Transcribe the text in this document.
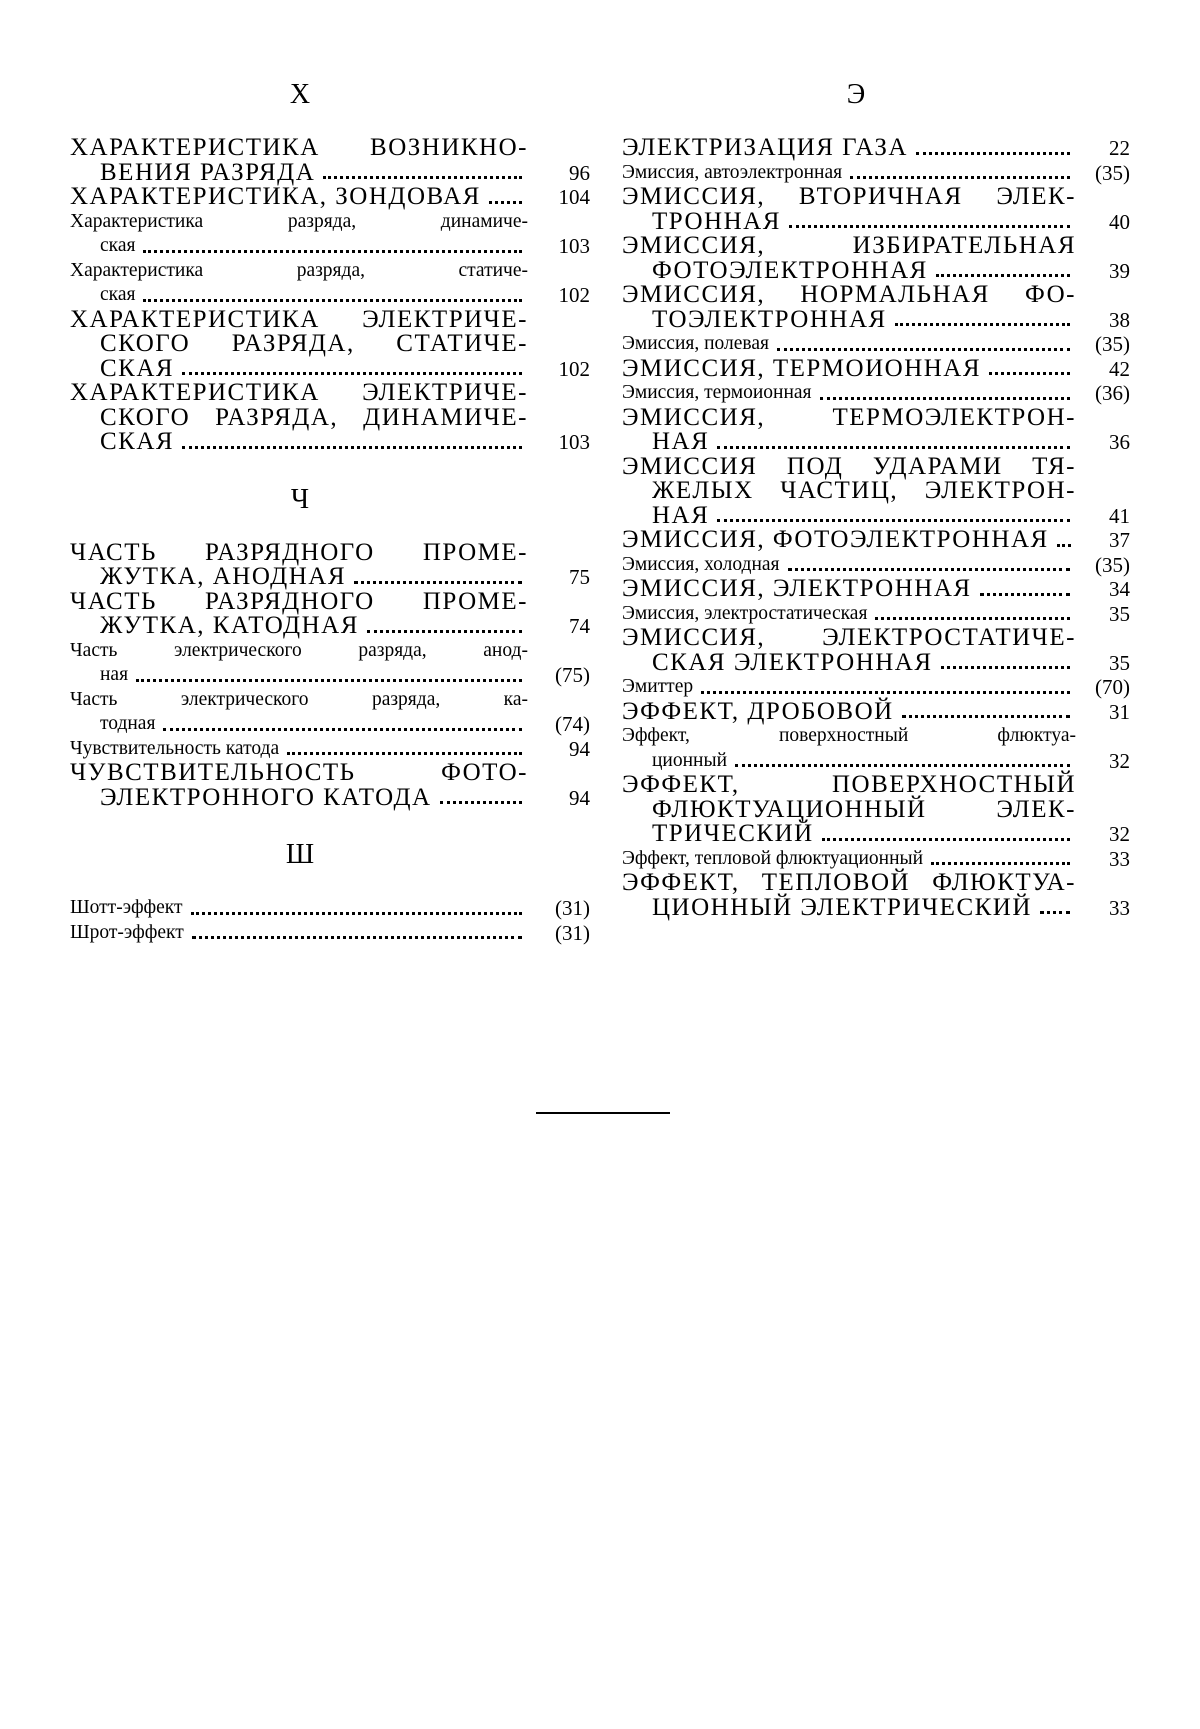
Х
ХАРАКТЕРИСТИКА ВОЗНИКНО-
ВЕНИЯ РАЗРЯДА	96
ХАРАКТЕРИСТИКА, ЗОНДОВАЯ	104
Характеристика	разряда,	динамиче-
ская	103
Характеристика	разряда,	статиче-
ская	102
ХАРАКТЕРИСТИКА ЭЛЕКТРИЧЕ-
СКОГО РАЗРЯДА, СТАТИЧЕ-
СКАЯ	102
ХАРАКТЕРИСТИКА ЭЛЕКТРИЧЕ-
СКОГО РАЗРЯДА, ДИНАМИЧЕ-
СКАЯ	103
Ч
ЧАСТЬ РАЗРЯДНОГО ПРОМЕ-
ЖУТКА, АНОДНАЯ	75
ЧАСТЬ РАЗРЯДНОГО ПРОМЕ-
ЖУТКА, КАТОДНАЯ	74
Часть	электрического	разряда,	анод-
ная	(75)
Часть	электрического	разряда,	ка-
тодная	(74)
Чувствительность катода	94
ЧУВСТВИТЕЛЬНОСТЬ	ФОТО-
ЭЛЕКТРОННОГО КАТОДА	94
Ш
Шотт-эффект	(31)
Шрот-эффект	(31)
Э
ЭЛЕКТРИЗАЦИЯ ГАЗА	22
Эмиссия, автоэлектронная	(35)
ЭМИССИЯ, ВТОРИЧНАЯ ЭЛЕК-
ТРОННАЯ	40
ЭМИССИЯ,	ИЗБИРАТЕЛЬНАЯ
ФОТОЭЛЕКТРОННАЯ	39
ЭМИССИЯ, НОРМАЛЬНАЯ ФО-
ТОЭЛЕКТРОННАЯ	38
Эмиссия, полевая	(35)
ЭМИССИЯ, ТЕРМОИОННАЯ	42
Эмиссия, термоионная	(36)
ЭМИССИЯ,	ТЕРМОЭЛЕКТРОН-
НАЯ	36
ЭМИССИЯ ПОД УДАРАМИ ТЯ-
ЖЕЛЫХ ЧАСТИЦ, ЭЛЕКТРОН-
НАЯ	41
ЭМИССИЯ, ФОТОЭЛЕКТРОННАЯ	37
Эмиссия, холодная	(35)
ЭМИССИЯ, ЭЛЕКТРОННАЯ	34
Эмиссия, электростатическая	35
ЭМИССИЯ, ЭЛЕКТРОСТАТИЧЕ-
СКАЯ ЭЛЕКТРОННАЯ	35
Эмиттер	(70)
ЭФФЕКТ, ДРОБОВОЙ	31
Эффект,	поверхностный	флюктуа-
ционный	32
ЭФФЕКТ,	ПОВЕРХНОСТНЫЙ
ФЛЮКТУАЦИОННЫЙ	ЭЛЕК-
ТРИЧЕСКИЙ	32
Эффект, тепловой флюктуационный	33
ЭФФЕКТ, ТЕПЛОВОЙ ФЛЮКТУА-
ЦИОННЫЙ ЭЛЕКТРИЧЕСКИЙ	33
